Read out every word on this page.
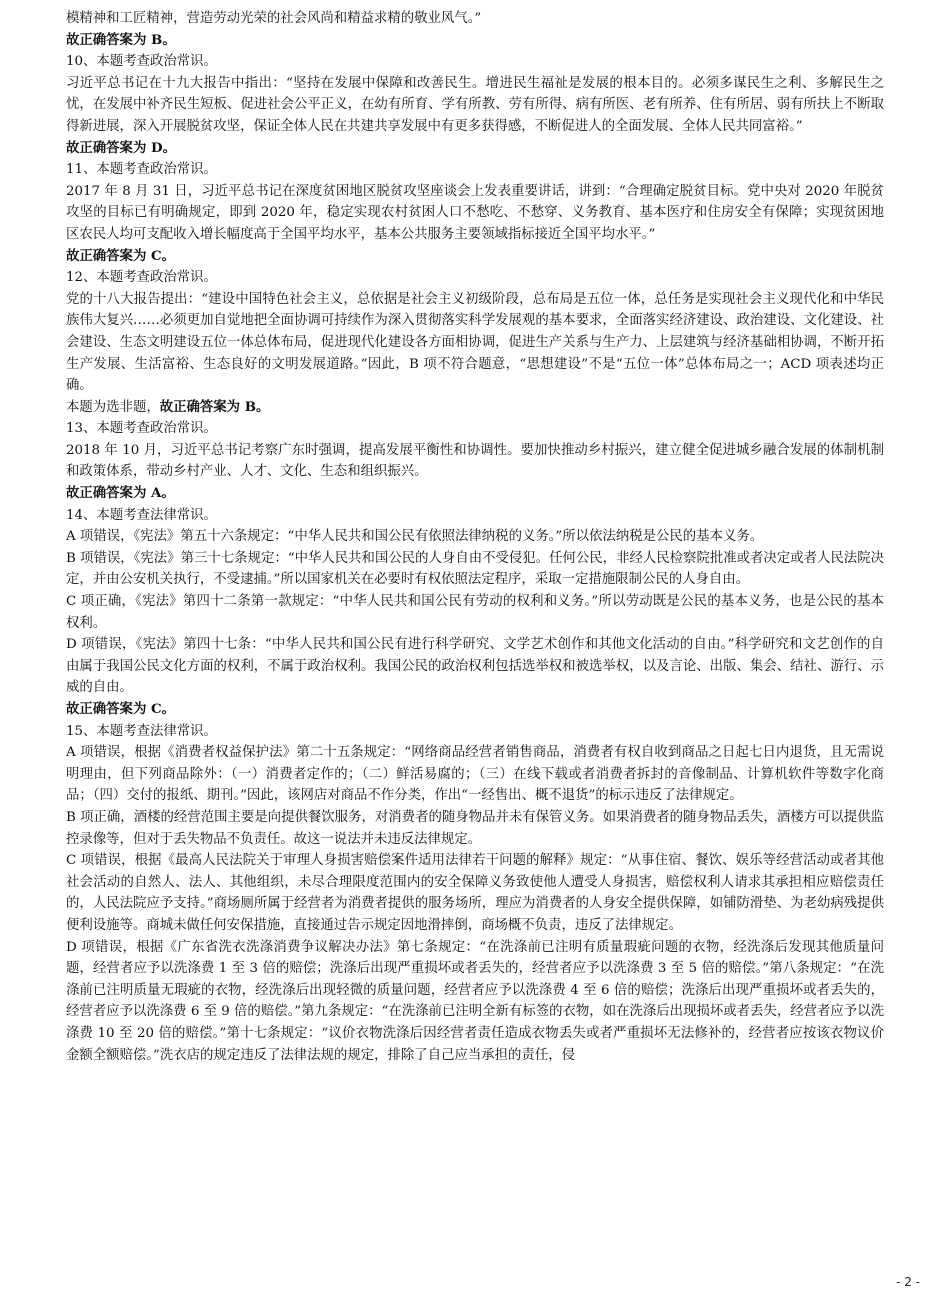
模精神和工匠精神，营造劳动光荣的社会风尚和精益求精的敬业风气。”
故正确答案为 B。
10、本题考查政治常识。
习近平总书记在十九大报告中指出：“坚持在发展中保障和改善民生。增进民生福祉是发展的根本目的。必须多谋民生之利、多解民生之忧，在发展中补齐民生短板、促进社会公平正义，在幼有所育、学有所教、劳有所得、病有所医、老有所养、住有所居、弱有所扶上不断取得新进展，深入开展脱贫攻坚，保证全体人民在共建共享发展中有更多获得感，不断促进人的全面发展、全体人民共同富裕。”
故正确答案为 D。
11、本题考查政治常识。
2017 年 8 月 31 日，习近平总书记在深度贫困地区脱贫攻坚座谈会上发表重要讲话，讲到：“合理确定脱贫目标。党中央对 2020 年脱贫攻坚的目标已有明确规定，即到 2020 年，稳定实现农村贫困人口不愁吃、不愁穿、义务教育、基本医疗和住房安全有保障；实现贫困地区农民人均可支配收入增长幅度高于全国平均水平，基本公共服务主要领域指标接近全国平均水平。”
故正确答案为 C。
12、本题考查政治常识。
党的十八大报告提出：“建设中国特色社会主义，总依据是社会主义初级阶段，总布局是五位一体，总任务是实现社会主义现代化和中华民族伟大复兴……必须更加自觉地把全面协调可持续作为深入贯彻落实科学发展观的基本要求，全面落实经济建设、政治建设、文化建设、社会建设、生态文明建设五位一体总体布局，促进现代化建设各方面相协调，促进生产关系与生产力、上层建筑与经济基础相协调，不断开拓生产发展、生活富裕、生态良好的文明发展道路。”因此，B 项不符合题意，“思想建设”不是“五位一体”总体布局之一；ACD 项表述均正确。
本题为选非题，故正确答案为 B。
13、本题考查政治常识。
2018 年 10 月，习近平总书记考察广东时强调，提高发展平衡性和协调性。要加快推动乡村振兴，建立健全促进城乡融合发展的体制机制和政策体系，带动乡村产业、人才、文化、生态和组织振兴。
故正确答案为 A。
14、本题考查法律常识。
A 项错误，《宪法》第五十六条规定：“中华人民共和国公民有依照法律纳税的义务。”所以依法纳税是公民的基本义务。
B 项错误，《宪法》第三十七条规定：“中华人民共和国公民的人身自由不受侵犯。任何公民，非经人民检察院批准或者决定或者人民法院决定，并由公安机关执行，不受逮捕。”所以国家机关在必要时有权依照法定程序，采取一定措施限制公民的人身自由。
C 项正确，《宪法》第四十二条第一款规定：“中华人民共和国公民有劳动的权利和义务。”所以劳动既是公民的基本义务，也是公民的基本权利。
D 项错误，《宪法》第四十七条：“中华人民共和国公民有进行科学研究、文学艺术创作和其他文化活动的自由。”科学研究和文艺创作的自由属于我国公民文化方面的权利，不属于政治权利。我国公民的政治权利包括选举权和被选举权，以及言论、出版、集会、结社、游行、示威的自由。
故正确答案为 C。
15、本题考查法律常识。
A 项错误，根据《消费者权益保护法》第二十五条规定：“网络商品经营者销售商品，消费者有权自收到商品之日起七日内退货，且无需说明理由，但下列商品除外：（一）消费者定作的；（二）鲜活易腐的；（三）在线下载或者消费者拆封的音像制品、计算机软件等数字化商品；（四）交付的报纸、期刊。”因此，该网店对商品不作分类，作出“一经售出、概不退货”的标示违反了法律规定。
B 项正确，酒楼的经营范围主要是向提供餐饮服务，对消费者的随身物品并未有保管义务。如果消费者的随身物品丢失，酒楼方可以提供监控录像等，但对于丢失物品不负责任。故这一说法并未违反法律规定。
C 项错误，根据《最高人民法院关于审理人身损害赔偿案件适用法律若干问题的解释》规定：“从事住宿、餐饮、娱乐等经营活动或者其他社会活动的自然人、法人、其他组织，未尽合理限度范围内的安全保障义务致使他人遭受人身损害，赔偿权利人请求其承担相应赔偿责任的，人民法院应予支持。”商场厕所属于经营者为消费者提供的服务场所，理应为消费者的人身安全提供保障，如铺防滑垫、为老幼病残提供便利设施等。商城未做任何安保措施，直接通过告示规定因地滑摔倒，商场概不负责，违反了法律规定。
D 项错误，根据《广东省洗衣洗涤消费争议解决办法》第七条规定：“在洗涤前已注明有质量瑕疵问题的衣物，经洗涤后发现其他质量问题，经营者应予以洗涤费 1 至 3 倍的赔偿；洗涤后出现严重损坏或者丢失的，经营者应予以洗涤费 3 至 5 倍的赔偿。”第八条规定：“在洗涤前已注明质量无瑕疵的衣物，经洗涤后出现轻微的质量问题，经营者应予以洗涤费 4 至 6 倍的赔偿；洗涤后出现严重损坏或者丢失的，经营者应予以洗涤费 6 至 9 倍的赔偿。”第九条规定：“在洗涤前已注明全新有标签的衣物，如在洗涤后出现损坏或者丢失，经营者应予以洗涤费 10 至 20 倍的赔偿。”第十七条规定：“议价衣物洗涤后因经营者责任造成衣物丢失或者严重损坏无法修补的，经营者应按该衣物议价金额全额赔偿。”洗衣店的规定违反了法律法规的规定，排除了自己应当承担的责任，侵
- 2 -
